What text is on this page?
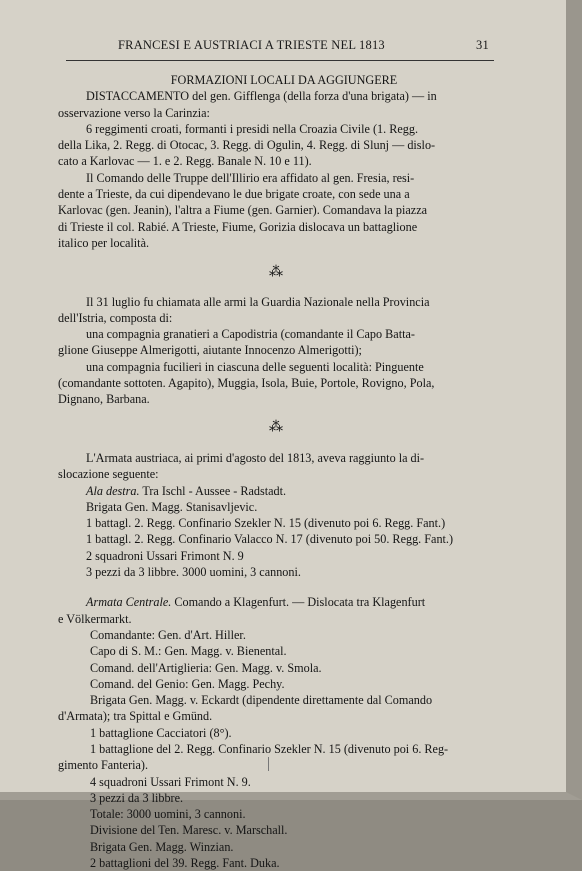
FRANCESI E AUSTRIACI A TRIESTE NEL 1813	31
FORMAZIONI LOCALI DA AGGIUNGERE
DISTACCAMENTO del gen. Gifflenga (della forza d'una brigata) — in
osservazione verso la Carinzia:
6 reggimenti croati, formanti i presidi nella Croazia Civile (1. Regg.
della Lika, 2. Regg. di Otocac, 3. Regg. di Ogulin, 4. Regg. di Slunj — dislo-
cato a Karlovac — 1. e 2. Regg. Banale N. 10 e 11).
Il Comando delle Truppe dell'Illirio era affidato al gen. Fresia, resi-
dente a Trieste, da cui dipendevano le due brigate croate, con sede una a
Karlovac (gen. Jeanin), l'altra a Fiume (gen. Garnier). Comandava la piazza
di Trieste il col. Rabié. A Trieste, Fiume, Gorizia dislocava un battaglione
italico per località.
⁂
Il 31 luglio fu chiamata alle armi la Guardia Nazionale nella Provincia
dell'Istria, composta di:
una compagnia granatieri a Capodistria (comandante il Capo Batta-
glione Giuseppe Almerigotti, aiutante Innocenzo Almerigotti);
una compagnia fucilieri in ciascuna delle seguenti località: Pinguente
(comandante sottoten. Agapito), Muggia, Isola, Buie, Portole, Rovigno, Pola,
Dignano, Barbana.
⁂
L'Armata austriaca, ai primi d'agosto del 1813, aveva raggiunto la di-
slocazione seguente:
Ala destra. Tra Ischl - Aussee - Radstadt.
Brigata Gen. Magg. Stanisavljevic.
1 battagl. 2. Regg. Confinario Szekler N. 15 (divenuto poi 6. Regg. Fant.)
1 battagl. 2. Regg. Confinario Valacco N. 17 (divenuto poi 50. Regg. Fant.)
2 squadroni Ussari Frimont N. 9
3 pezzi da 3 libbre. 3000 uomini, 3 cannoni.
Armata Centrale. Comando a Klagenfurt. — Dislocata tra Klagenfurt
e Völkermarkt.
Comandante: Gen. d'Art. Hiller.
Capo di S. M.: Gen. Magg. v. Bienental.
Comand. dell'Artiglieria: Gen. Magg. v. Smola.
Comand. del Genio: Gen. Magg. Pechy.
Brigata Gen. Magg. v. Eckardt (dipendente direttamente dal Comando
d'Armata); tra Spittal e Gmünd.
1 battaglione Cacciatori (8°).
1 battaglione del 2. Regg. Confinario Szekler N. 15 (divenuto poi 6. Reg-
gimento Fanteria).
4 squadroni Ussari Frimont N. 9.
3 pezzi da 3 libbre.
Totale: 3000 uomini, 3 cannoni.
Divisione del Ten. Maresc. v. Marschall.
Brigata Gen. Magg. Winzian.
2 battaglioni del 39. Regg. Fant. Duka.
